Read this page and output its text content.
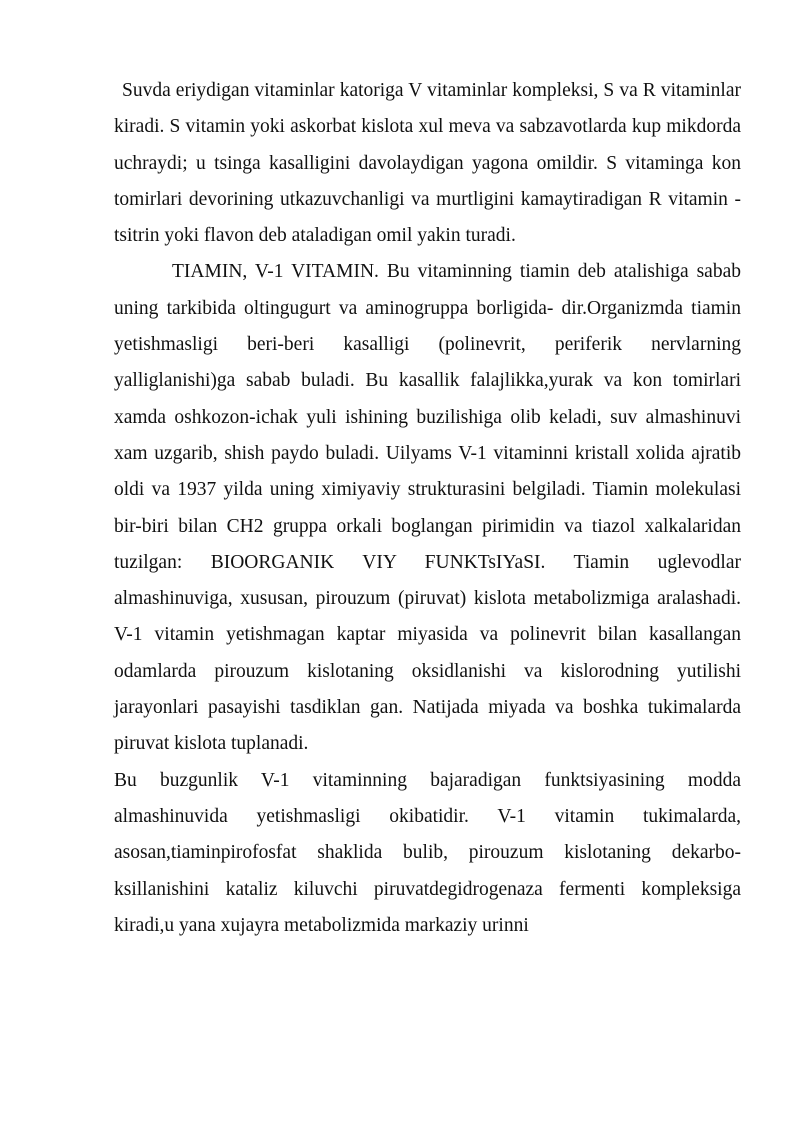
Suvda eriydigan vitaminlar katoriga V vitaminlar kompleksi, S va R vitaminlar kiradi. S vitamin yoki askorbat kislota xul meva va sabzavotlarda kup mikdorda uchraydi; u tsinga kasalligini davolaydigan yagona omildir. S vitaminga kon tomirlari devorining utkazuvchanligi va murtligini kamaytiradigan R vitamin - tsitrin yoki flavon deb ataladigan omil yakin turadi.

TIAMIN, V-1 VITAMIN. Bu vitaminning tiamin deb atalishiga sabab uning tarkibida oltingugurt va aminogruppa borligida- dir.Organizmda tiamin yetishmasligi beri-beri kasalligi (polinevrit, periferik nervlarning yalliglanishi)ga sabab buladi. Bu kasallik falajlikka,yurak va kon tomirlari xamda oshkozon-ichak yuli ishining buzilishiga olib keladi, suv almashinuvi xam uzgarib, shish paydo buladi. Uilyams V-1 vitaminni kristall xolida ajratib oldi va 1937 yilda uning ximiyaviy strukturasini belgiladi. Tiamin molekulasi bir-biri bilan CH2 gruppa orkali boglangan pirimidin va tiazol xalkalaridan tuzilgan: BIOORGANIK VIY FUNKTsIYaSI. Tiamin uglevodlar almashinuviga, xususan, pirouzum (piruvat) kislota metabolizmiga aralashadi. V-1 vitamin yetishmagan kaptar miyasida va polinevrit bilan kasallangan odamlarda pirouzum kislotaning oksidlanishi va kislorodning yutilishi jarayonlari pasayishi tasdiklan gan. Natijada miyada va boshka tukimalarda piruvat kislota tuplanadi.

Bu buzgunlik V-1 vitaminning bajaradigan funktsiyasining modda almashinuvida yetishmasligi okibatidir. V-1 vitamin tukimalarda, asosan,tiaminpirofosfat shaklida bulib, pirouzum kislotaning dekarbo- ksillanishini kataliz kiluvchi piruvatdegidrogenaza fermenti kompleksiga kiradi,u yana xujayra metabolizmida markaziy urinni
